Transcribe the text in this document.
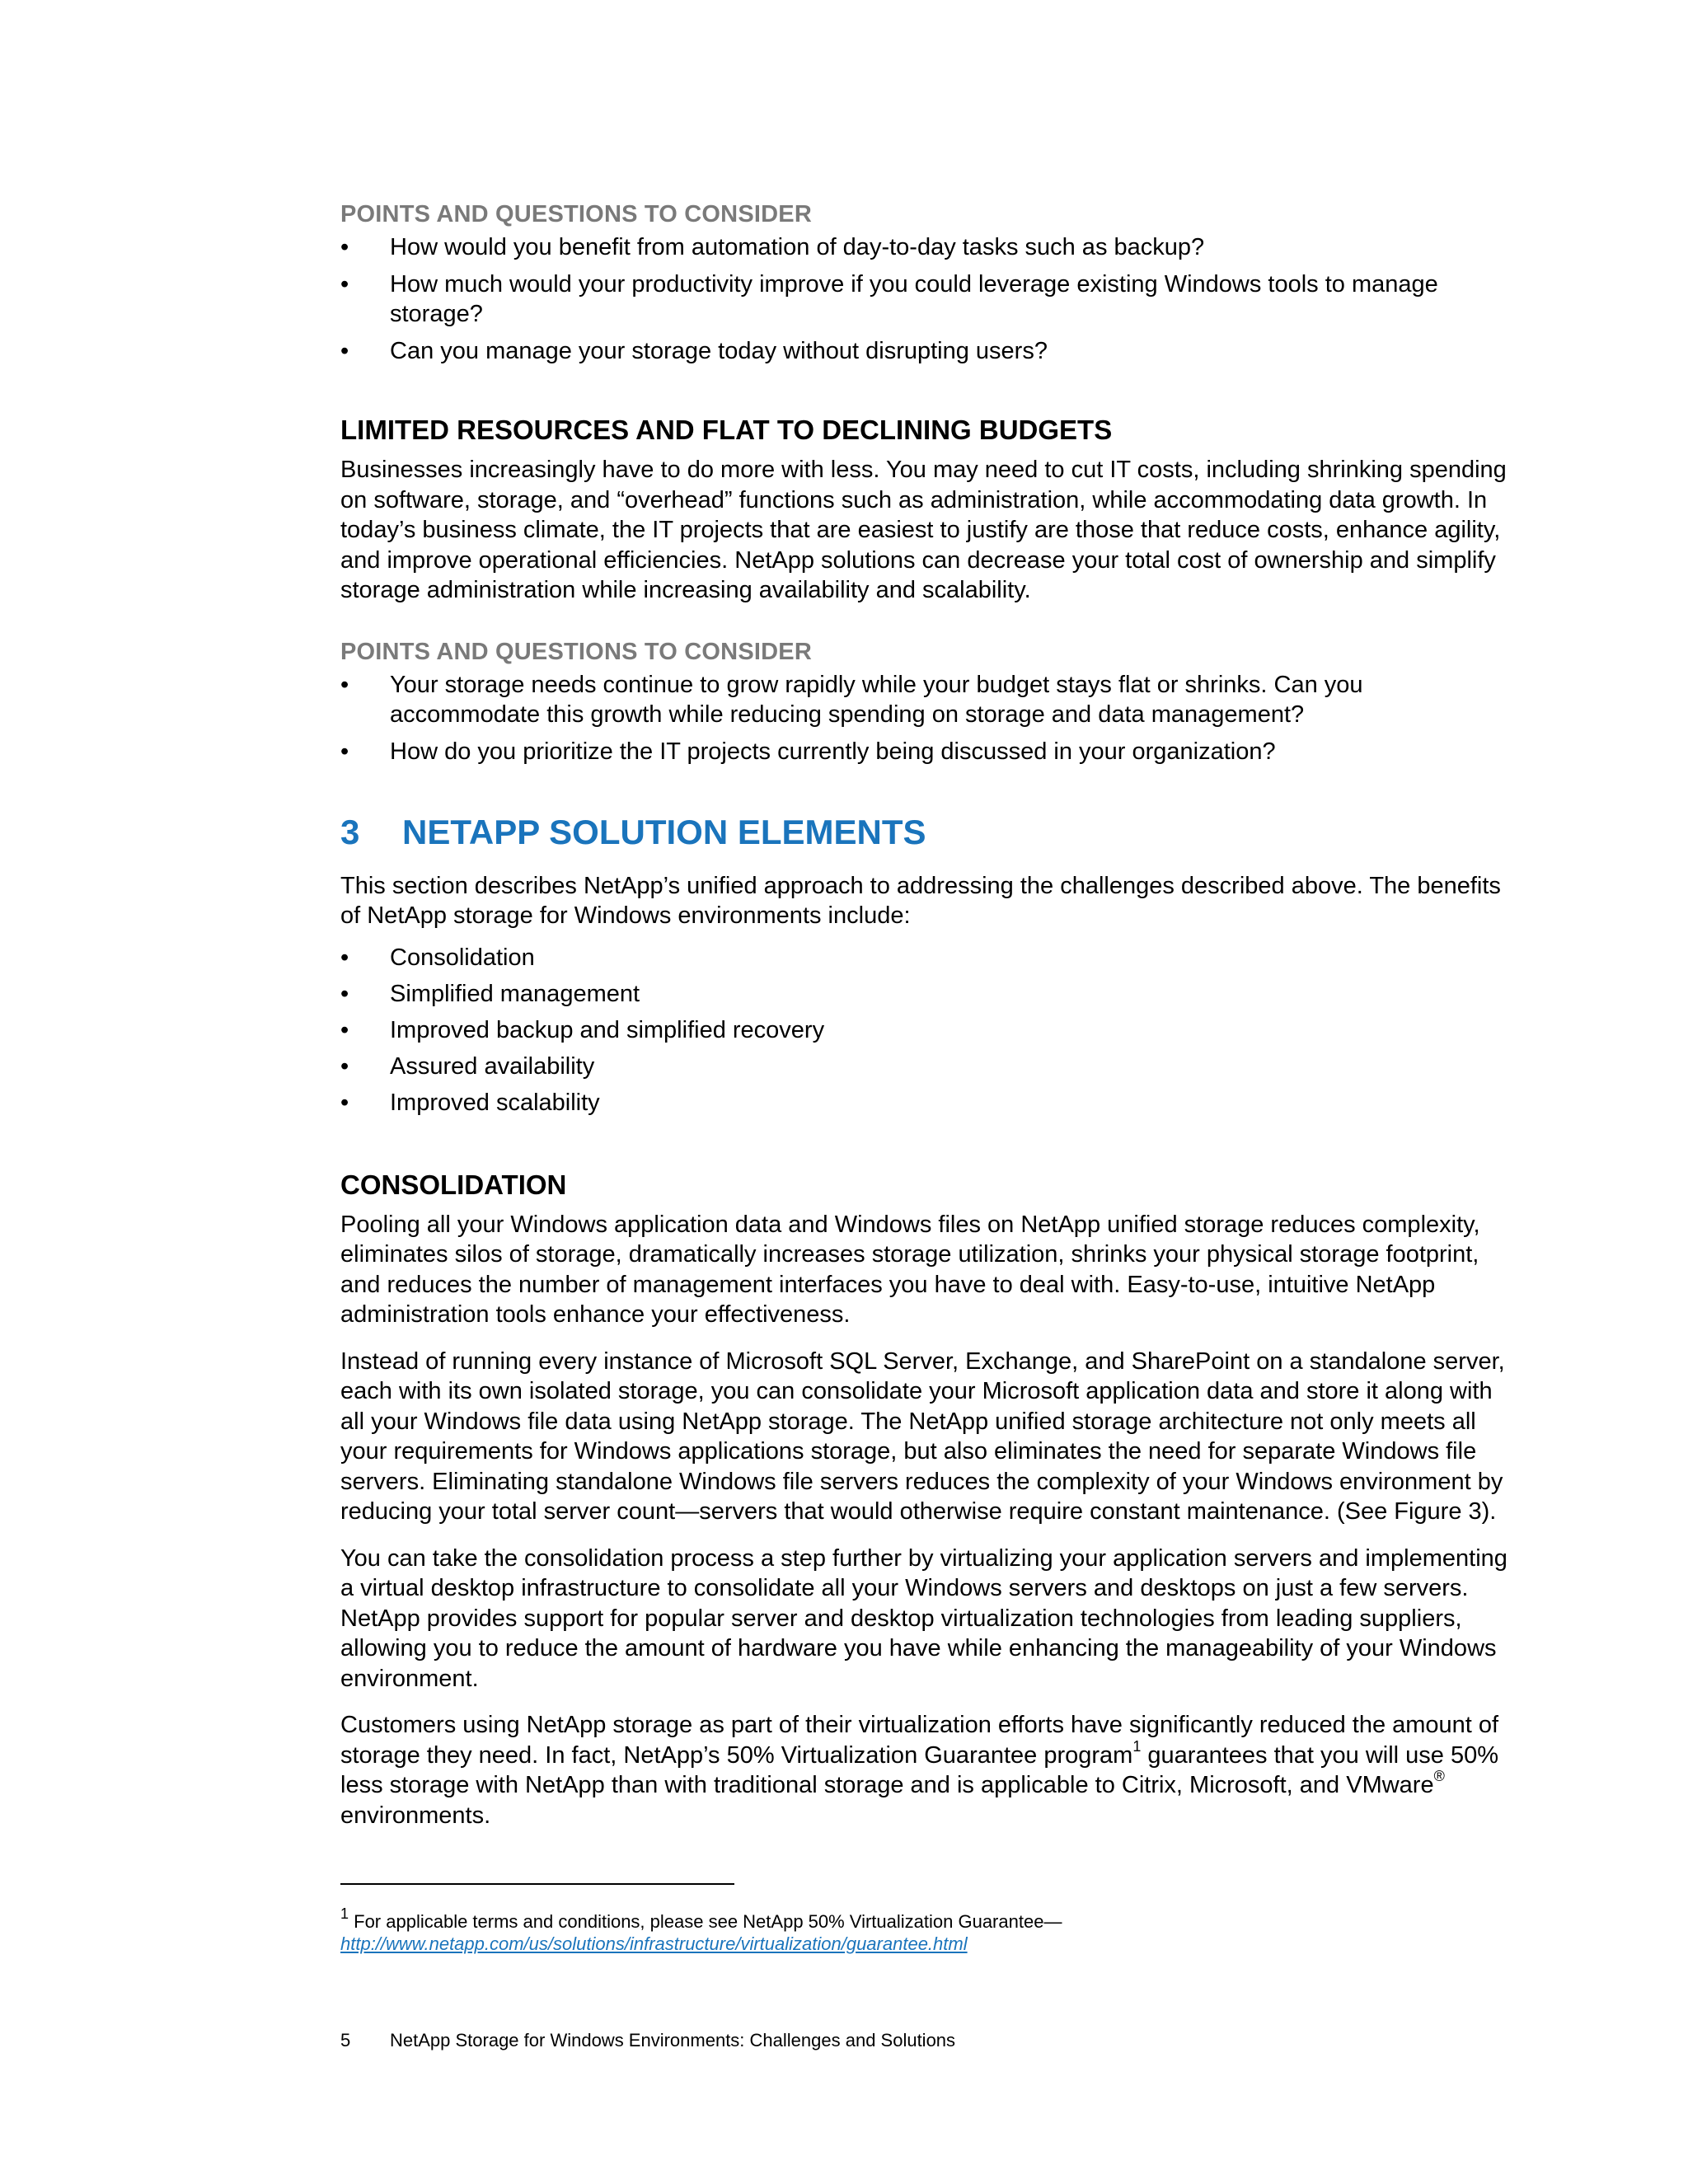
POINTS AND QUESTIONS TO CONSIDER
•	How would you benefit from automation of day-to-day tasks such as backup?
•	How much would your productivity improve if you could leverage existing Windows tools to manage storage?
•	Can you manage your storage today without disrupting users?
LIMITED RESOURCES AND FLAT TO DECLINING BUDGETS

Businesses increasingly have to do more with less. You may need to cut IT costs, including shrinking spending on software, storage, and “overhead” functions such as administration, while accommodating data growth. In today’s business climate, the IT projects that are easiest to justify are those that reduce costs, enhance agility, and improve operational efficiencies. NetApp solutions can decrease your total cost of ownership and simplify storage administration while increasing availability and scalability.

POINTS AND QUESTIONS TO CONSIDER
•	Your storage needs continue to grow rapidly while your budget stays flat or shrinks. Can you accommodate this growth while reducing spending on storage and data management?
•	How do you prioritize the IT projects currently being discussed in your organization?
3	NETAPP SOLUTION ELEMENTS

This section describes NetApp’s unified approach to addressing the challenges described above. The benefits of NetApp storage for Windows environments include:

•	Consolidation
•	Simplified management
•	Improved backup and simplified recovery
•	Assured availability
•	Improved scalability
CONSOLIDATION

Pooling all your Windows application data and Windows files on NetApp unified storage reduces complexity, eliminates silos of storage, dramatically increases storage utilization, shrinks your physical storage footprint, and reduces the number of management interfaces you have to deal with. Easy-to-use, intuitive NetApp administration tools enhance your effectiveness.

Instead of running every instance of Microsoft SQL Server, Exchange, and SharePoint on a standalone server, each with its own isolated storage, you can consolidate your Microsoft application data and store it along with all your Windows file data using NetApp storage. The NetApp unified storage architecture not only meets all your requirements for Windows applications storage, but also eliminates the need for separate Windows file servers. Eliminating standalone Windows file servers reduces the complexity of your Windows environment by reducing your total server count—servers that would otherwise require constant maintenance. (See Figure 3).

You can take the consolidation process a step further by virtualizing your application servers and implementing a virtual desktop infrastructure to consolidate all your Windows servers and desktops on just a few servers. NetApp provides support for popular server and desktop virtualization technologies from leading suppliers, allowing you to reduce the amount of hardware you have while enhancing the manageability of your Windows environment.

Customers using NetApp storage as part of their virtualization efforts have significantly reduced the amount of storage they need. In fact, NetApp’s 50% Virtualization Guarantee program$^1$ guarantees that you will use 50% less storage with NetApp than with traditional storage and is applicable to Citrix, Microsoft, and VMware® environments.

$^1$ For applicable terms and conditions, please see NetApp 50% Virtualization Guarantee—
http://www.netapp.com/us/solutions/infrastructure/virtualization/guarantee.html
5	NetApp Storage for Windows Environments: Challenges and Solutions
